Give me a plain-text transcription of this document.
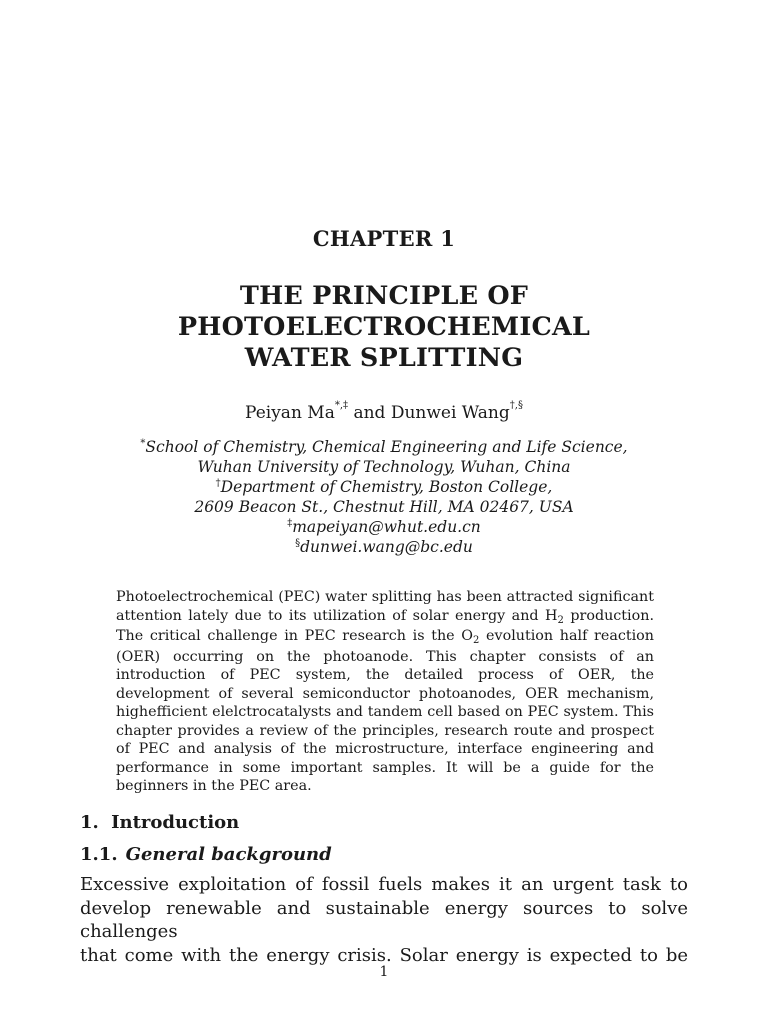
CHAPTER 1
THE PRINCIPLE OF
PHOTOELECTROCHEMICAL
WATER SPLITTING
Peiyan Ma*,‡ and Dunwei Wang†,§
*School of Chemistry, Chemical Engineering and Life Science,
Wuhan University of Technology, Wuhan, China
†Department of Chemistry, Boston College,
2609 Beacon St., Chestnut Hill, MA 02467, USA
‡mapeiyan@whut.edu.cn
§dunwei.wang@bc.edu
Photoelectrochemical (PEC) water splitting has been attracted significant attention lately due to its utilization of solar energy and $H_2$ production. The critical challenge in PEC research is the $O_2$ evolution half reaction (OER) occurring on the photoanode. This chapter consists of an introduction of PEC system, the detailed process of OER, the development of several semiconductor photoanodes, OER mechanism, highefficient elelctrocatalysts and tandem cell based on PEC system. This chapter provides a review of the principles, research route and prospect of PEC and analysis of the microstructure, interface engineering and performance in some important samples. It will be a guide for the beginners in the PEC area.
1. Introduction
1.1. General background
Excessive exploitation of fossil fuels makes it an urgent task to
develop renewable and sustainable energy sources to solve challenges
that come with the energy crisis. Solar energy is expected to be
1
